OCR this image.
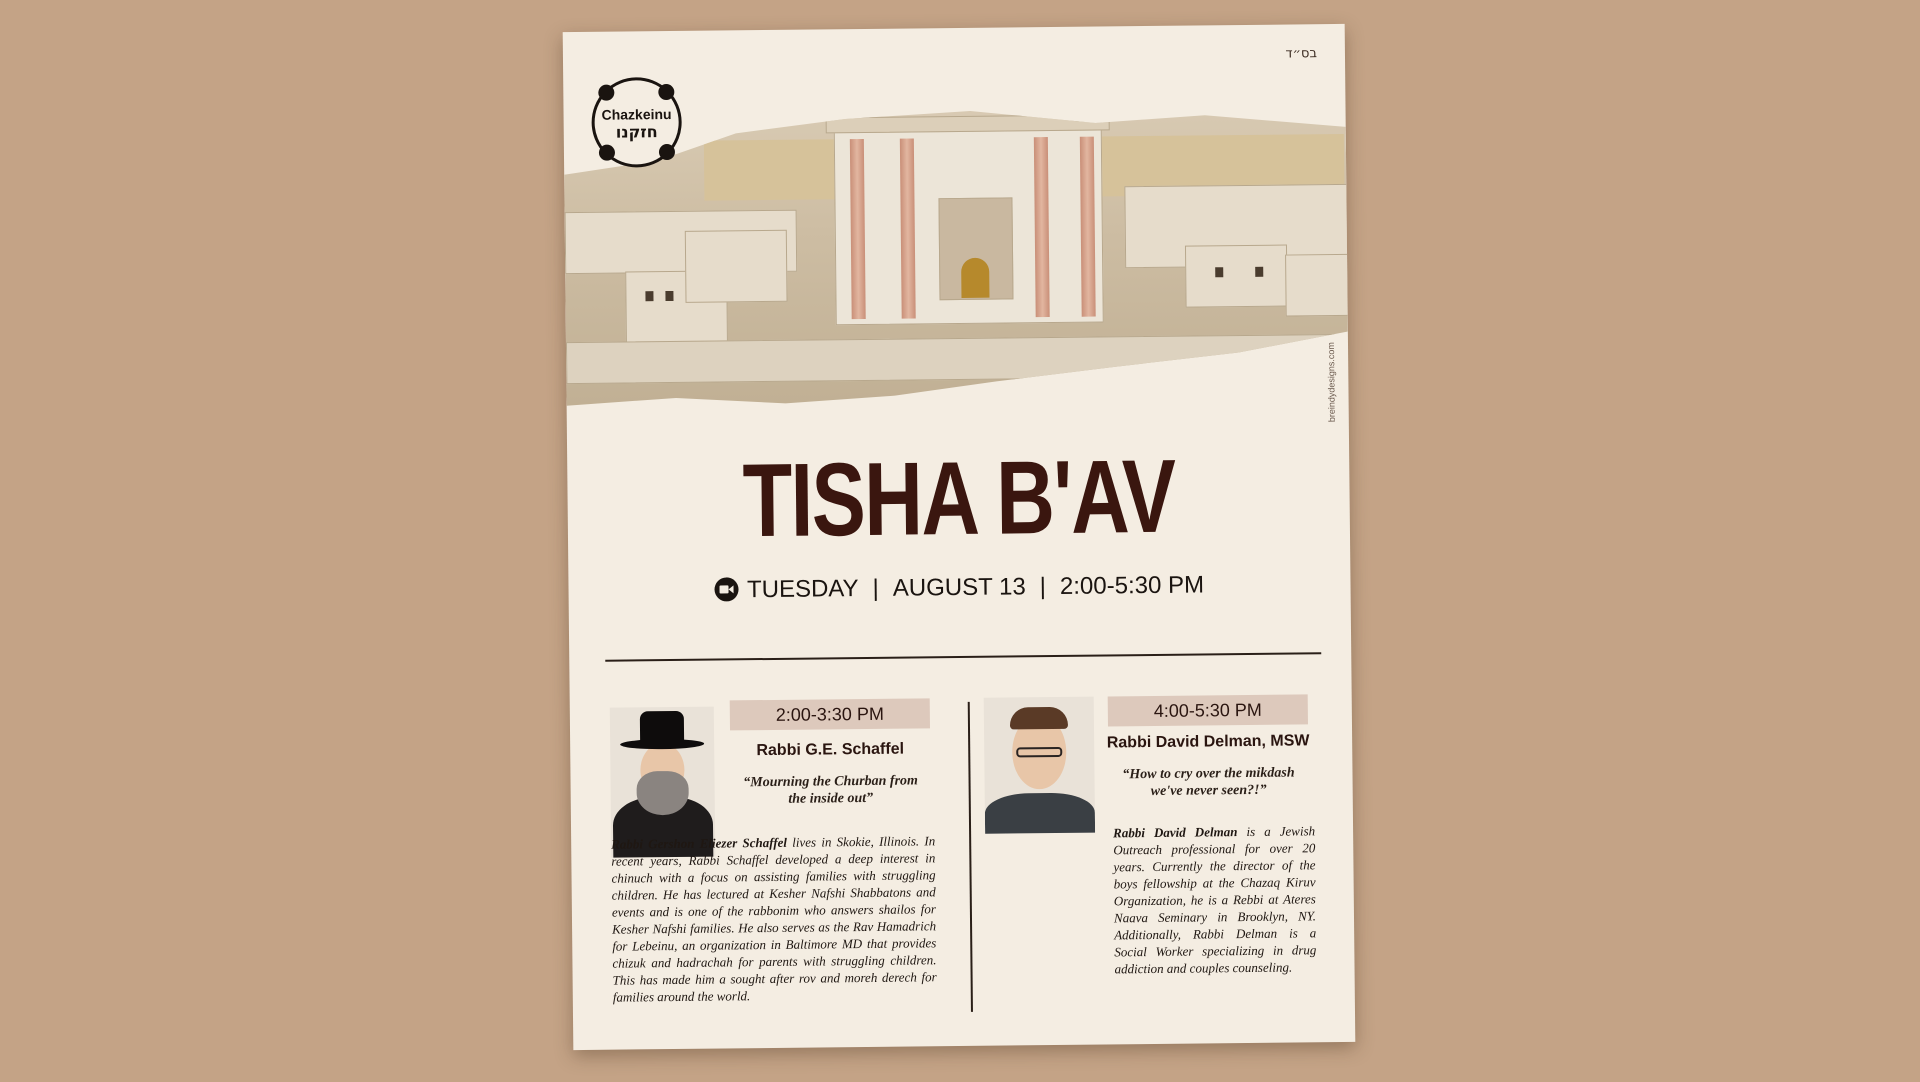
בס״ד
breindydesigns.com
Chazkeinu
חזקנו
TISHA B'AV
TUESDAY | AUGUST 13 | 2:00-5:30 PM
2:00-3:30 PM
Rabbi G.E. Schaffel
“Mourning the Churban from the inside out”
Rabbi Gershon Eliezer Schaffel lives in Skokie, Illinois. In recent years, Rabbi Schaffel developed a deep interest in chinuch with a focus on assisting families with struggling children. He has lectured at Kesher Nafshi Shabbatons and events and is one of the rabbonim who answers shailos for Kesher Nafshi families. He also serves as the Rav Hamadrich for Lebeinu, an organization in Baltimore MD that provides chizuk and hadrachah for parents with struggling children. This has made him a sought after rov and moreh derech for families around the world.
4:00-5:30 PM
Rabbi David Delman, MSW
“How to cry over the mikdash we've never seen?!”
Rabbi David Delman is a Jewish Outreach professional for over 20 years. Currently the director of the boys fellowship at the Chazaq Kiruv Organization, he is a Rebbi at Ateres Naava Seminary in Brooklyn, NY. Additionally, Rabbi Delman is a Social Worker specializing in drug addiction and couples counseling.
